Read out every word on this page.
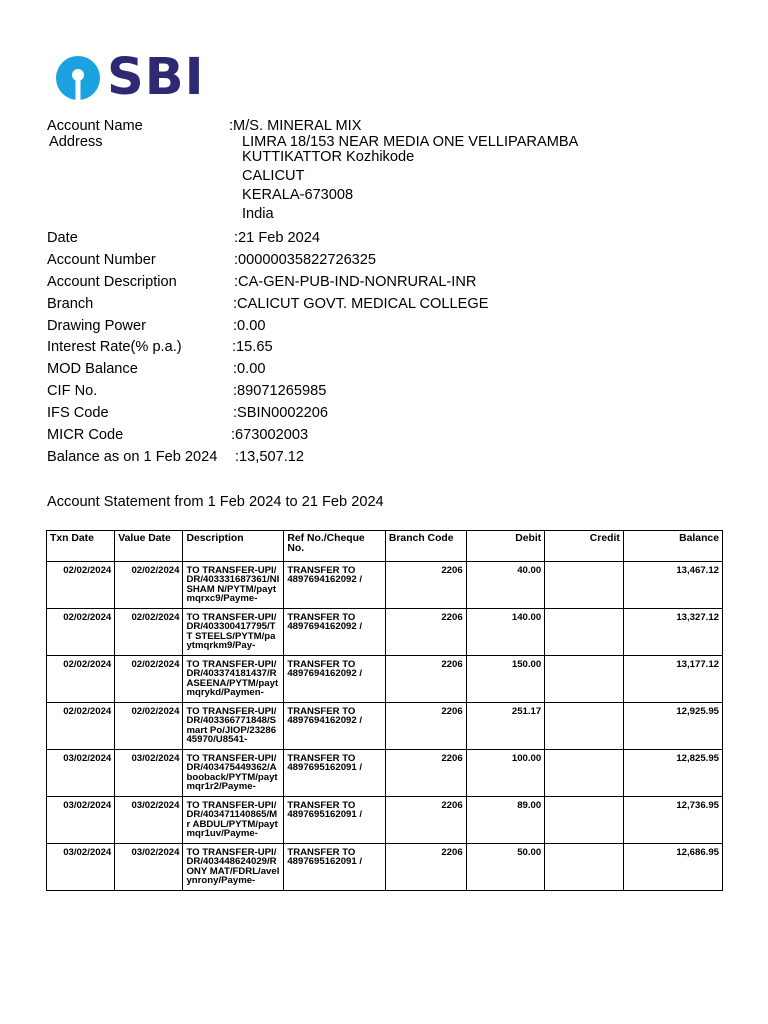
SBI
Account Name	:M/S. MINERAL MIX
Address	LIMRA 18/153 NEAR MEDIA ONE VELLIPARAMBA
KUTTIKATTOR Kozhikode
CALICUT
KERALA-673008
India
Date	:21 Feb 2024
Account Number	:00000035822726325
Account Description	:CA-GEN-PUB-IND-NONRURAL-INR
Branch	:CALICUT GOVT. MEDICAL COLLEGE
Drawing Power	:0.00
Interest Rate(% p.a.)	:15.65
MOD Balance	:0.00
CIF No.	:89071265985
IFS Code	:SBIN0002206
MICR Code	:673002003
Balance as on 1 Feb 2024 :13,507.12
Account Statement from 1 Feb 2024 to 21 Feb 2024
Txn Date	Value Date	Description	Ref No./Cheque No.	Branch Code	Debit	Credit	Balance
02/02/2024	02/02/2024	TO TRANSFER-UPI/DR/403331687361/NISHAM N/PYTM/paytmqrxc9/Payme-	TRANSFER TO 4897694162092 /	2206	40.00		13,467.12
02/02/2024	02/02/2024	TO TRANSFER-UPI/DR/403300417795/T T STEELS/PYTM/paytmqrkm9/Pay-	TRANSFER TO 4897694162092 /	2206	140.00		13,327.12
02/02/2024	02/02/2024	TO TRANSFER-UPI/DR/403374181437/RASEENA/PYTM/paytmqrykd/Paymen-	TRANSFER TO 4897694162092 /	2206	150.00		13,177.12
02/02/2024	02/02/2024	TO TRANSFER-UPI/DR/403366771848/Smart Po/JIOP/2328645970/U8541-	TRANSFER TO 4897694162092 /	2206	251.17		12,925.95
03/02/2024	03/02/2024	TO TRANSFER-UPI/DR/403475449362/Abooback/PYTM/paytmqr1r2/Payme-	TRANSFER TO 4897695162091 /	2206	100.00		12,825.95
03/02/2024	03/02/2024	TO TRANSFER-UPI/DR/403471140865/Mr ABDUL/PYTM/paytmqr1uv/Payme-	TRANSFER TO 4897695162091 /	2206	89.00		12,736.95
03/02/2024	03/02/2024	TO TRANSFER-UPI/DR/403448624029/RONY MAT/FDRL/avelynrony/Payme-	TRANSFER TO 4897695162091 /	2206	50.00		12,686.95
